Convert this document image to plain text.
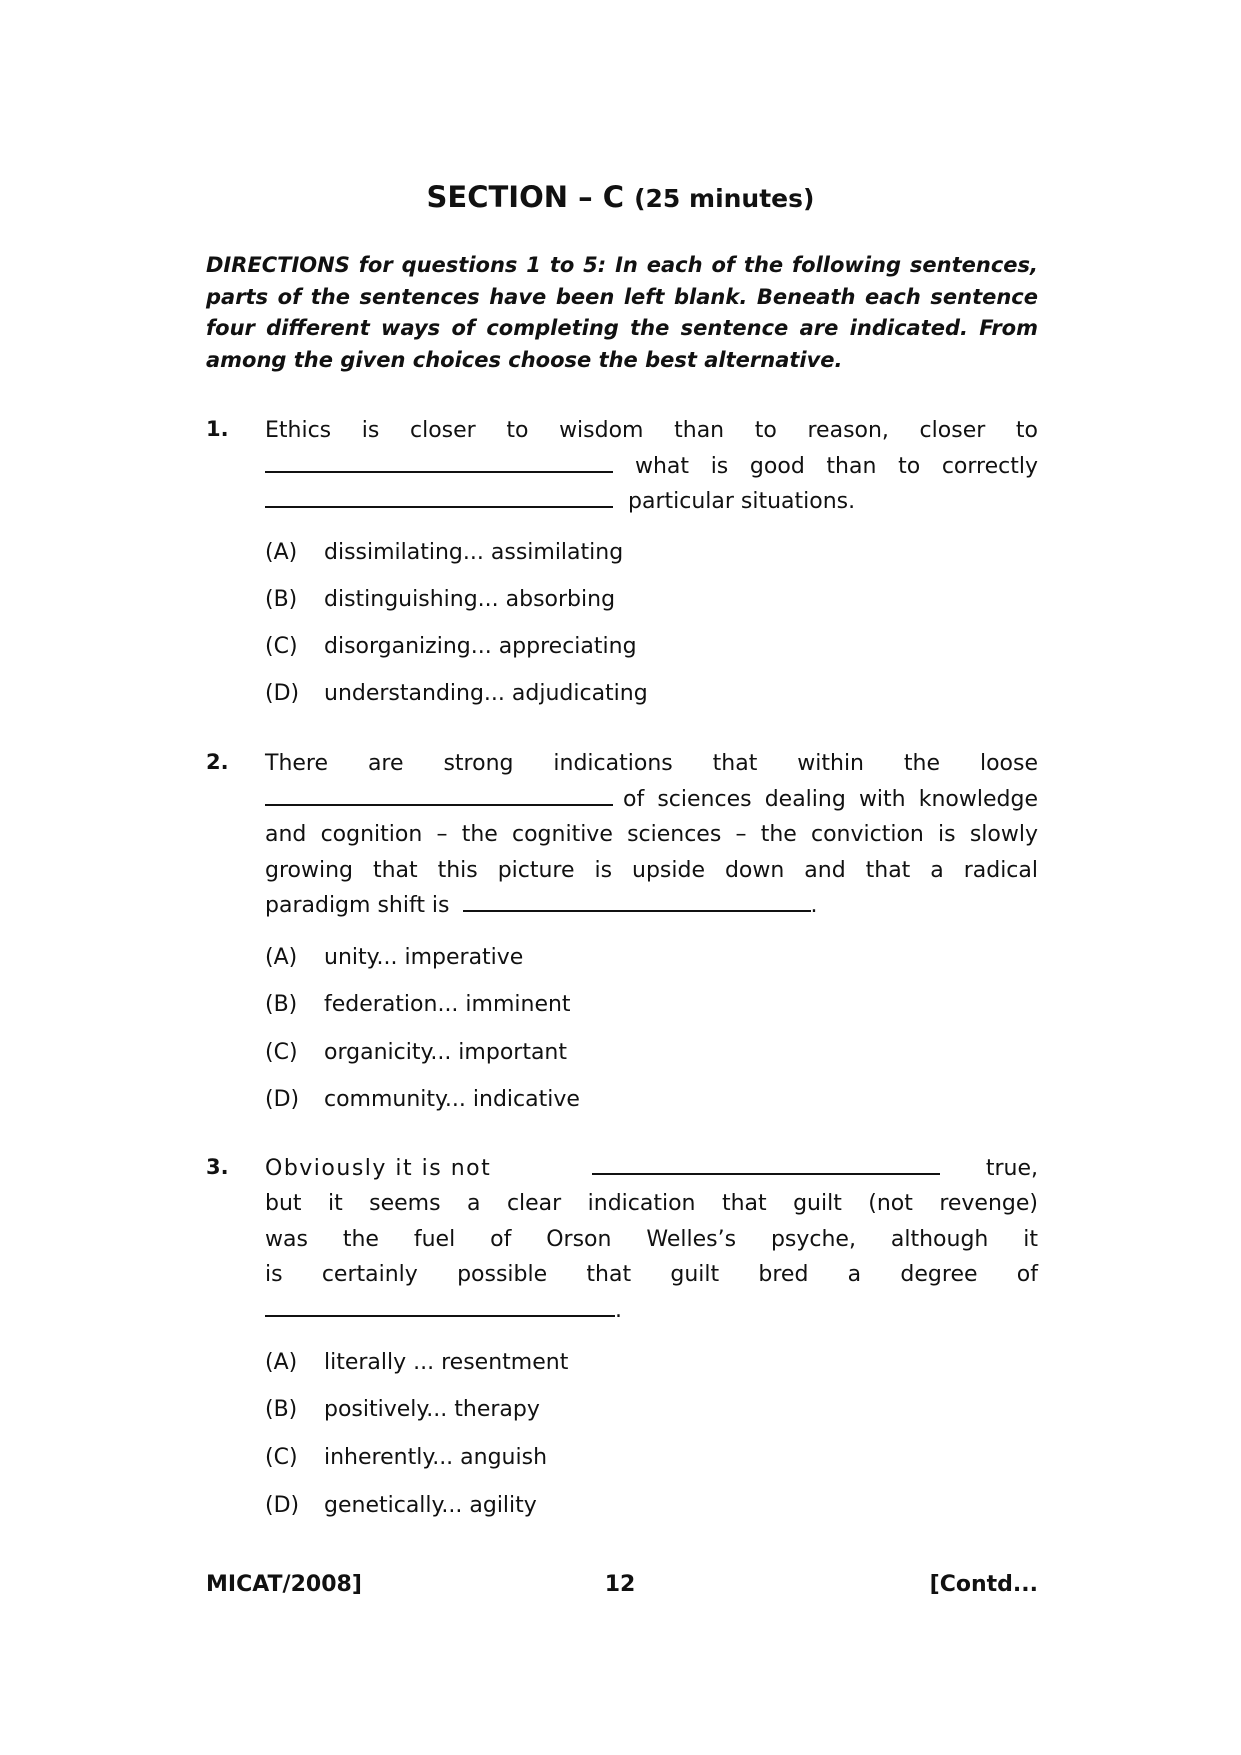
SECTION – C (25 minutes)
DIRECTIONS for questions 1 to 5: In each of the following sentences, parts of the sentences have been left blank. Beneath each sentence four different ways of completing the sentence are indicated. From among the given choices choose the best alternative.
1. Ethics is closer to wisdom than to reason, closer to
what is good than to correctly
particular situations.
(A) dissimilating... assimilating
(B) distinguishing... absorbing
(C) disorganizing... appreciating
(D) understanding... adjudicating
2. There are strong indications that within the loose
of sciences dealing with knowledge
and cognition – the cognitive sciences – the conviction is slowly
growing that this picture is upside down and that a radical
paradigm shift is	.
(A) unity... imperative
(B) federation... imminent
(C) organicity... important
(D) community... indicative
3. Obviously it is not	true,
but it seems a clear indication that guilt (not revenge)
was the fuel of Orson Welles’s psyche, although it
is certainly possible that guilt bred a degree of
.
(A) literally ... resentment
(B) positively... therapy
(C) inherently... anguish
(D) genetically... agility
MICAT/2008]	12	[Contd...
